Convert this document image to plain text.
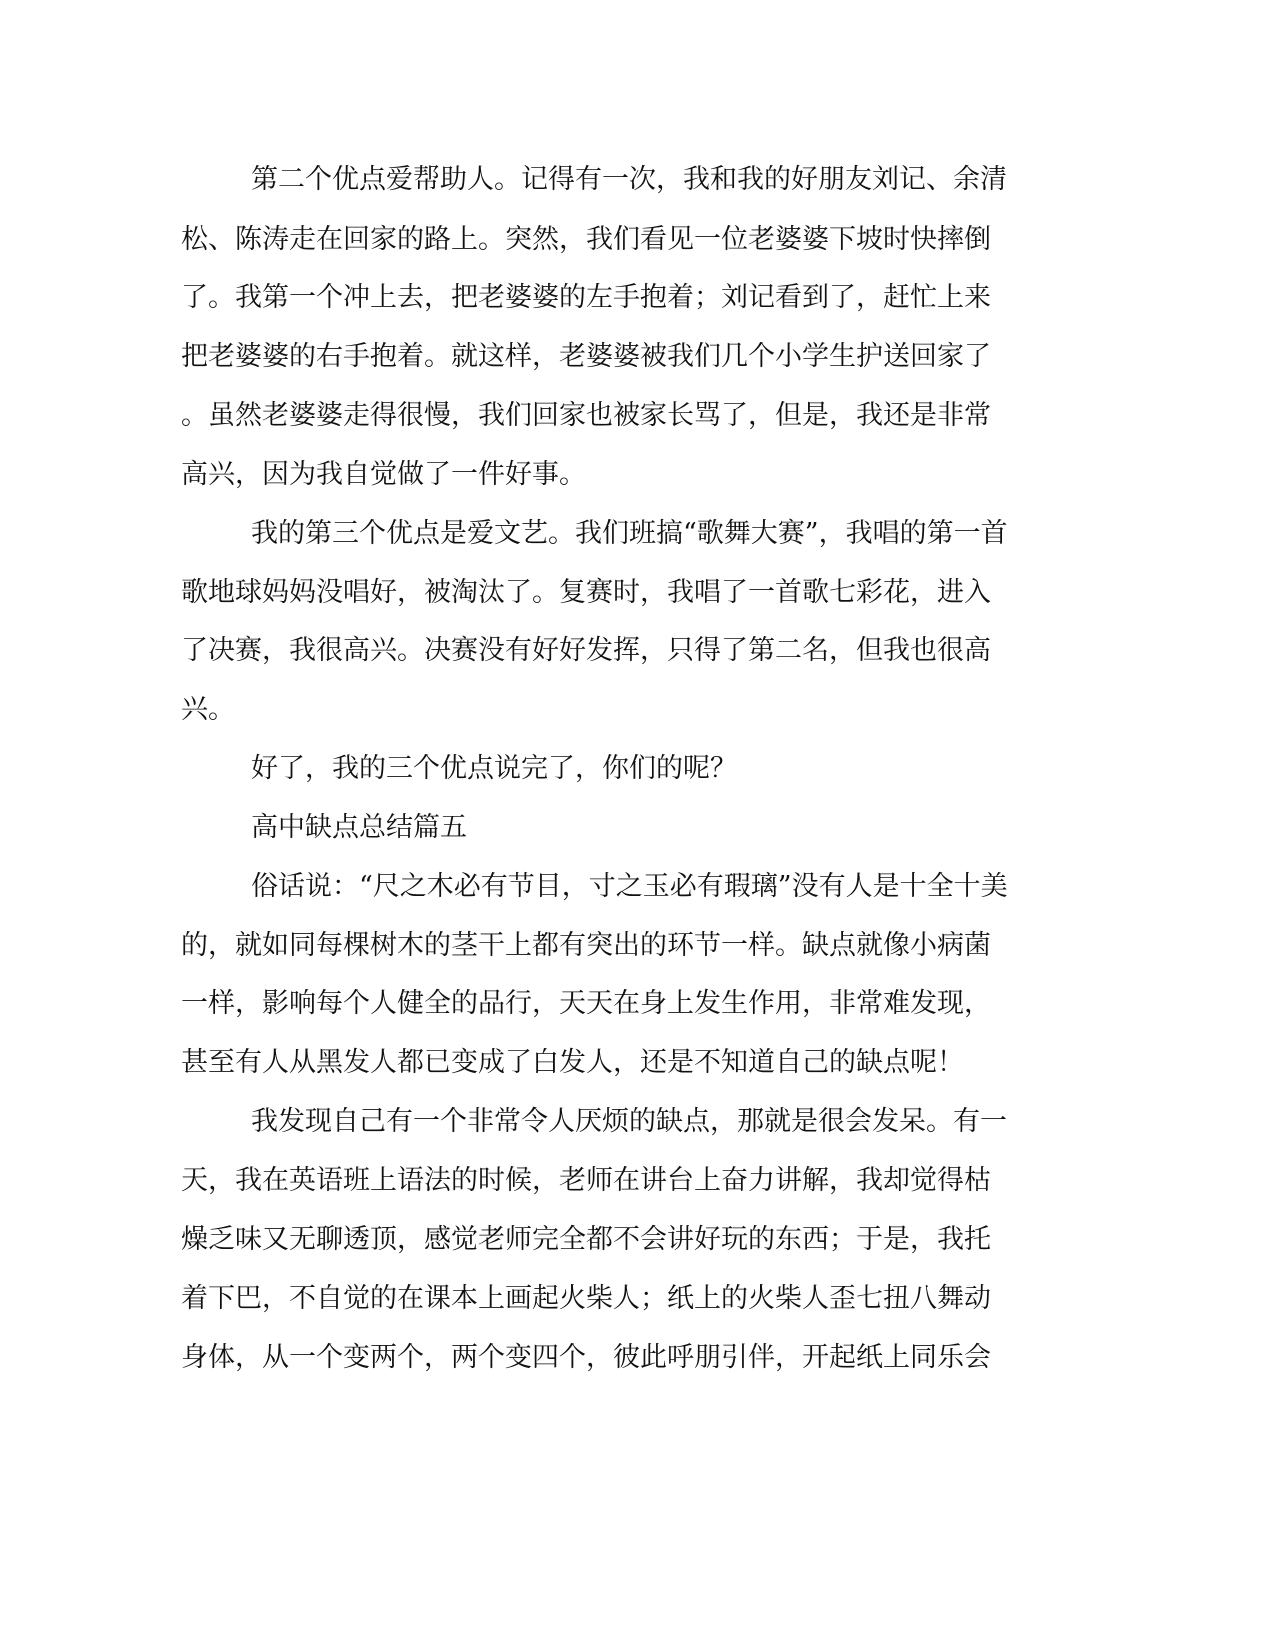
第二个优点爱帮助人。记得有一次，我和我的好朋友刘记、余清
松、陈涛走在回家的路上。突然，我们看见一位老婆婆下坡时快摔倒
了。我第一个冲上去，把老婆婆的左手抱着；刘记看到了，赶忙上来
把老婆婆的右手抱着。就这样，老婆婆被我们几个小学生护送回家了
。虽然老婆婆走得很慢，我们回家也被家长骂了，但是，我还是非常
高兴，因为我自觉做了一件好事。
我的第三个优点是爱文艺。我们班搞“歌舞大赛”，我唱的第一首
歌地球妈妈没唱好，被淘汰了。复赛时，我唱了一首歌七彩花，进入
了决赛，我很高兴。决赛没有好好发挥，只得了第二名，但我也很高
兴。
好了，我的三个优点说完了，你们的呢？
高中缺点总结篇五
俗话说：“尺之木必有节目，寸之玉必有瑕璃”没有人是十全十美
的，就如同每棵树木的茎干上都有突出的环节一样。缺点就像小病菌
一样，影响每个人健全的品行，天天在身上发生作用，非常难发现，
甚至有人从黑发人都已变成了白发人，还是不知道自己的缺点呢！
我发现自己有一个非常令人厌烦的缺点，那就是很会发呆。有一
天，我在英语班上语法的时候，老师在讲台上奋力讲解，我却觉得枯
燥乏味又无聊透顶，感觉老师完全都不会讲好玩的东西；于是，我托
着下巴，不自觉的在课本上画起火柴人；纸上的火柴人歪七扭八舞动
身体，从一个变两个，两个变四个，彼此呼朋引伴，开起纸上同乐会
